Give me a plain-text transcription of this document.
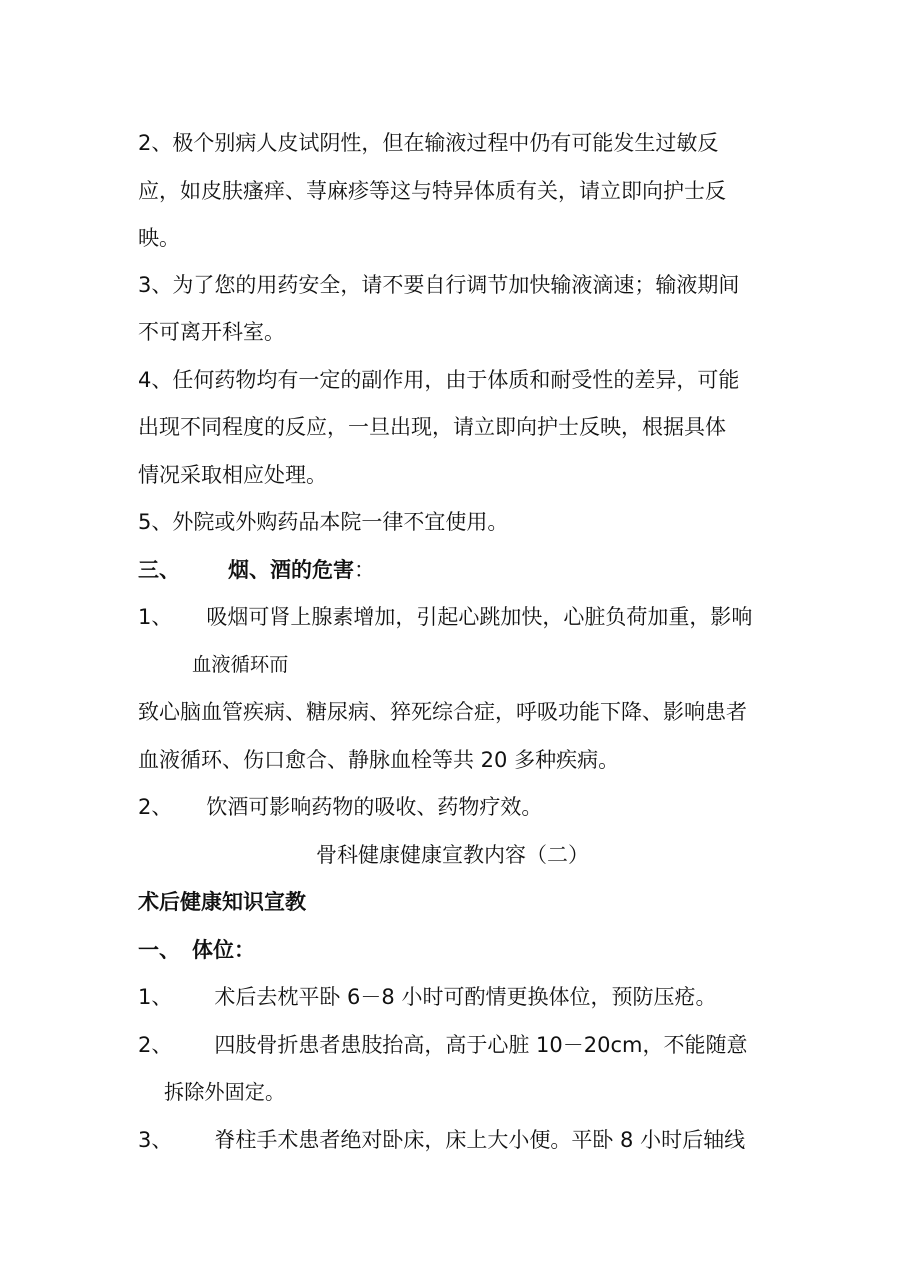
2、极个别病人皮试阴性，但在输液过程中仍有可能发生过敏反
应，如皮肤瘙痒、荨麻疹等这与特异体质有关，请立即向护士反
映。
3、为了您的用药安全，请不要自行调节加快输液滴速；输液期间
不可离开科室。
4、任何药物均有一定的副作用，由于体质和耐受性的差异，可能
出现不同程度的反应，一旦出现，请立即向护士反映，根据具体
情况采取相应处理。
5、外院或外购药品本院一律不宜使用。
三、 烟、酒的危害：
1、 吸烟可肾上腺素增加，引起心跳加快，心脏负荷加重，影响
血液循环而
致心脑血管疾病、糖尿病、猝死综合症，呼吸功能下降、影响患者
血液循环、伤口愈合、静脉血栓等共 20 多种疾病。
2、 饮酒可影响药物的吸收、药物疗效。
骨科健康健康宣教内容（二）
术后健康知识宣教
一、 体位：
1、 术后去枕平卧 6－8 小时可酌情更换体位，预防压疮。
2、 四肢骨折患者患肢抬高，高于心脏 10－20cm，不能随意
拆除外固定。
3、 脊柱手术患者绝对卧床，床上大小便。平卧 8 小时后轴线
